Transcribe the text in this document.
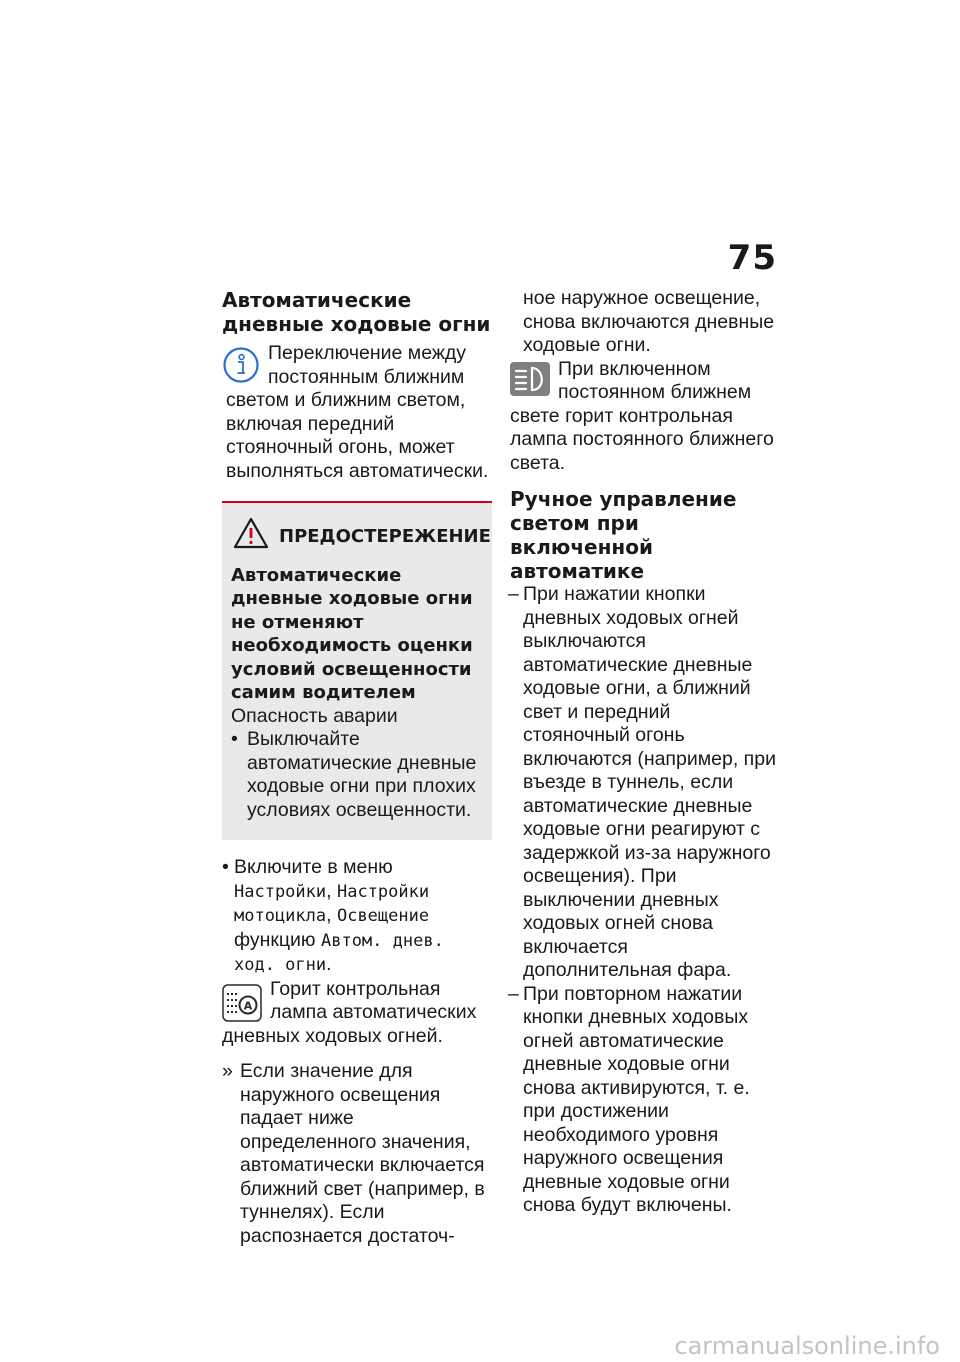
75
Автоматические дневные ходовые огни

Переключение между постоянным ближним светом и ближним светом, включая передний стояночный огонь, может выполняться автоматически.

ПРЕДОСТЕРЕЖЕНИЕ

Автоматические дневные ходовые огни не отменяют необходимость оценки условий освещенности самим водителем

Опасность аварии

• Выключайте автоматические дневные ходовые огни при плохих условиях освещенности.
• Включите в меню Настройки, Настройки мотоцикла, Освещение функцию Автом. днев. ход. огни.
A

Горит контрольная лампа автоматических дневных ходовых огней.

» Если значение для наружного освещения падает ниже определенного значения, автоматически включается ближний свет (например, в туннелях). Если распознается достаточ-

ное наружное освещение, снова включаются дневные ходовые огни.

При включенном постоянном ближнем свете горит контрольная лампа постоянного ближнего света.

Ручное управление светом при включенной автоматике
– При нажатии кнопки дневных ходовых огней выключаются автоматические дневные ходовые огни, а ближний свет и передний стояночный огонь включаются (например, при въезде в туннель, если автоматические дневные ходовые огни реагируют с задержкой из-за наружного освещения). При выключении дневных ходовых огней снова включается дополнительная фара.
– При повторном нажатии кнопки дневных ходовых огней автоматические дневные ходовые огни снова активируются, т. е. при достижении необходимого уровня наружного освещения дневные ходовые огни снова будут включены.
carmanualsonline.info
